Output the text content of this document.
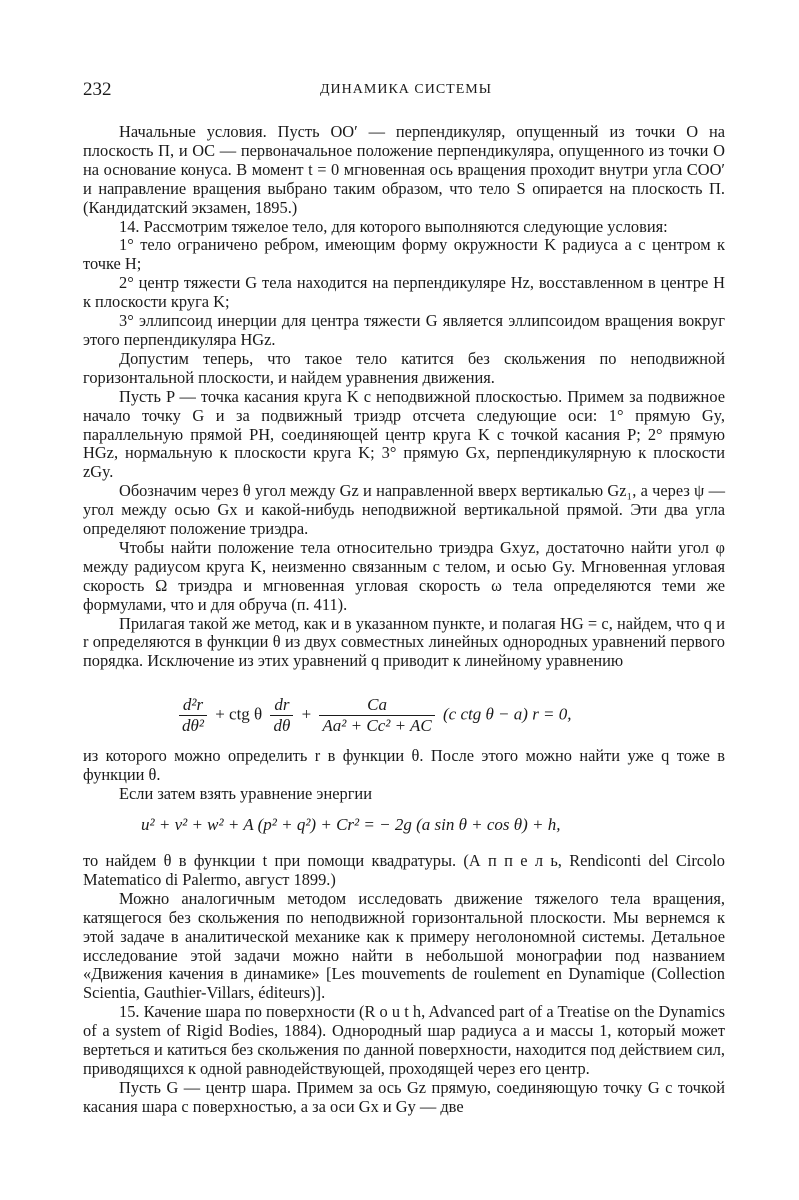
232	ДИНАМИКА СИСТЕМЫ

Начальные условия. Пусть OO′ — перпендикуляр, опущенный из точки O на плоскость П, и OC — первоначальное положение перпендикуляра, опущенного из точки O на основание конуса. В момент t = 0 мгновенная ось вращения проходит внутри угла COO′ и направление вращения выбрано таким образом, что тело S опирается на плоскость П. (Кандидатский экзамен, 1895.)

14. Рассмотрим тяжелое тело, для которого выполняются следующие условия:

1° тело ограничено ребром, имеющим форму окружности K радиуса a с центром к точке H;

2° центр тяжести G тела находится на перпендикуляре Hz, восставленном в центре H к плоскости круга K;

3° эллипсоид инерции для центра тяжести G является эллипсоидом вращения вокруг этого перпендикуляра HGz.

Допустим теперь, что такое тело катится без скольжения по неподвижной горизонтальной плоскости, и найдем уравнения движения.

Пусть P — точка касания круга K с неподвижной плоскостью. Примем за подвижное начало точку G и за подвижный триэдр отсчета следующие оси: 1° прямую Gy, параллельную прямой PH, соединяющей центр круга K с точкой касания P; 2° прямую HGz, нормальную к плоскости круга K; 3° прямую Gx, перпендикулярную к плоскости zGy.

Обозначим через θ угол между Gz и направленной вверх вертикалью Gz₁, а через ψ — угол между осью Gx и какой-нибудь неподвижной вертикальной прямой. Эти два угла определяют положение триэдра.

Чтобы найти положение тела относительно триэдра Gxyz, достаточно найти угол φ между радиусом круга K, неизменно связанным с телом, и осью Gy. Мгновенная угловая скорость Ω триэдра и мгновенная угловая скорость ω тела определяются теми же формулами, что и для обруча (п. 411).

Прилагая такой же метод, как и в указанном пункте, и полагая HG = c, найдем, что q и r определяются в функции θ из двух совместных линейных однородных уравнений первого порядка. Исключение из этих уравнений q приводит к линейному уравнению

$\frac{\text{d²r}}{\text{dθ²}}$ + ctg θ $\frac{dr}{d\theta} + \frac{Ca}{\text{Aa² + Cc² + AC}} (c$ ctg θ − a) r = 0,

из которого можно определить r в функции θ. После этого можно найти уже q тоже в функции θ.

Если затем взять уравнение энергии

u² + v² + w² + A (p² + q²) + Cr² = − 2g (a sin θ + cos θ) + h,

то найдем θ в функции t при помощи квадратуры. (А п п е л ь, Rendiconti del Circolo Matematico di Palermo, август 1899.)

Можно аналогичным методом исследовать движение тяжелого тела вращения, катящегося без скольжения по неподвижной горизонтальной плоскости. Мы вернемся к этой задаче в аналитической механике как к примеру неголономной системы. Детальное исследование этой задачи можно найти в небольшой монографии под названием «Движения качения в динамике» [Les mouvements de roulement en Dynamique (Collection Scientia, Gauthier-Villars, éditeurs)].

15. Качение шара по поверхности (R o u t h, Advanced part of a Treatise on the Dynamics of a system of Rigid Bodies, 1884). Однородный шар радиуса a и массы 1, который может вертеться и катиться без скольжения по данной поверхности, находится под действием сил, приводящихся к одной равнодействующей, проходящей через его центр.

Пусть G — центр шара. Примем за ось Gz прямую, соединяющую точку G с точкой касания шара с поверхностью, а за оси Gx и Gy — две
